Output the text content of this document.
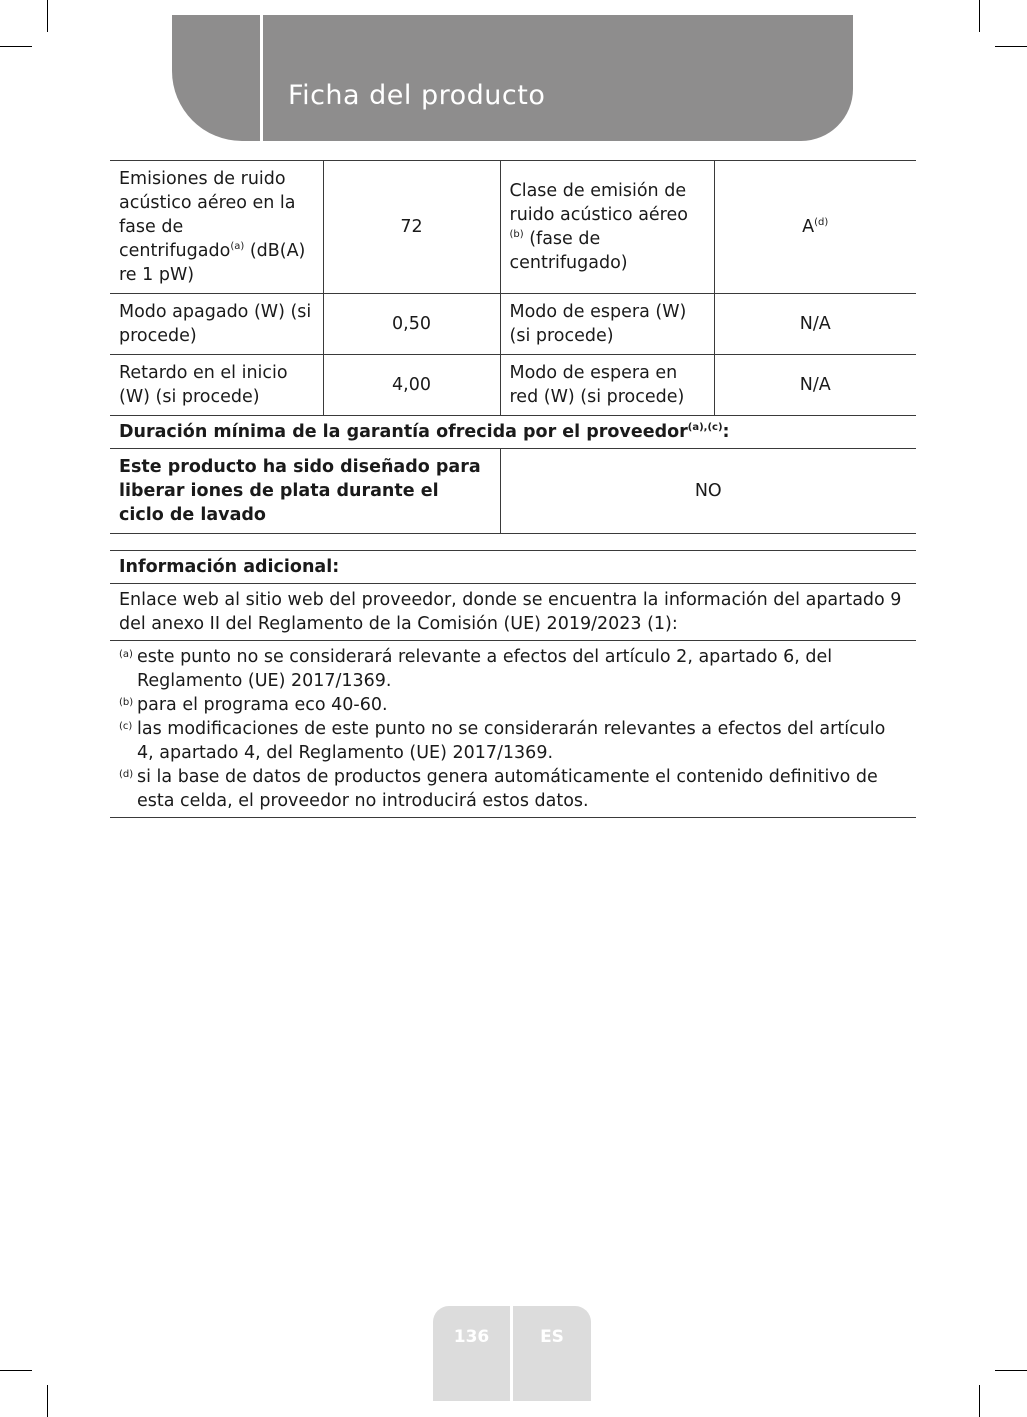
Ficha del producto
Emisiones de ruido acústico aéreo en la fase de centrifugado$^{(a)}$ (dB(A) re 1 pW)	72	Clase de emisión de ruido acústico aéreo $^{(b)}$ (fase de centrifugado)	$A^{(d)}$
Modo apagado (W) (si procede)	0,50	Modo de espera (W) (si procede)	N/A
Retardo en el inicio (W) (si procede)	4,00	Modo de espera en red (W) (si procede)	N/A
Duración mínima de la garantía ofrecida por el proveedor$^{(a),(c)}$:			
Este producto ha sido diseñado para liberar iones de plata durante el ciclo de lavado		NO	
Información adicional:
Enlace web al sitio web del proveedor, donde se encuentra la información del apartado 9 del anexo II del Reglamento de la Comisión (UE) 2019/2023 (1):
(a) este punto no se considerará relevante a efectos del artículo 2, apartado 6, del Reglamento (UE) 2017/1369.
(b) para el programa eco 40-60.
(c) las modificaciones de este punto no se considerarán relevantes a efectos del artículo 4, apartado 4, del Reglamento (UE) 2017/1369.
(d) si la base de datos de productos genera automáticamente el contenido definitivo de esta celda, el proveedor no introducirá estos datos.
136	ES
